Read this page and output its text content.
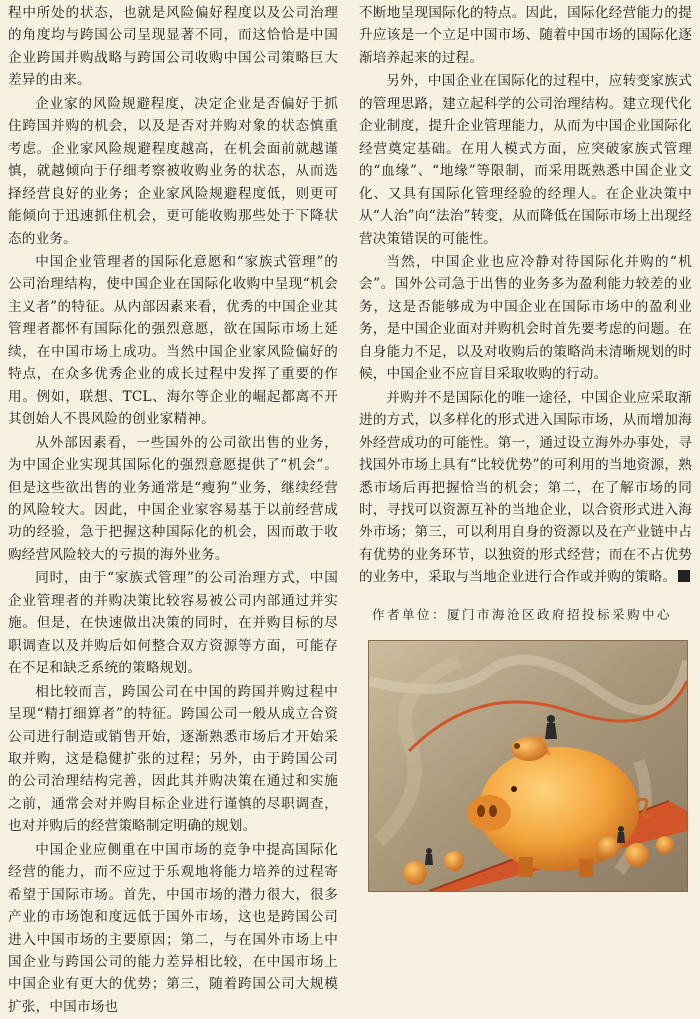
程中所处的状态，也就是风险偏好程度以及公司治理的角度均与跨国公司呈现显著不同，而这恰恰是中国企业跨国并购战略与跨国公司收购中国公司策略巨大差异的由来。

企业家的风险规避程度，决定企业是否偏好于抓住跨国并购的机会，以及是否对并购对象的状态慎重考虑。企业家风险规避程度越高，在机会面前就越谨慎，就越倾向于仔细考察被收购业务的状态，从而选择经营良好的业务；企业家风险规避程度低，则更可能倾向于迅速抓住机会，更可能收购那些处于下降状态的业务。

中国企业管理者的国际化意愿和“家族式管理”的公司治理结构，使中国企业在国际化收购中呈现“机会主义者”的特征。从内部因素来看，优秀的中国企业其管理者都怀有国际化的强烈意愿，欲在国际市场上延续，在中国市场上成功。当然中国企业家风险偏好的特点，在众多优秀企业的成长过程中发挥了重要的作用。例如，联想、TCL、海尔等企业的崛起都离不开其创始人不畏风险的创业家精神。

从外部因素看，一些国外的公司欲出售的业务，为中国企业实现其国际化的强烈意愿提供了“机会”。但是这些欲出售的业务通常是“瘦狗”业务，继续经营的风险较大。因此，中国企业家容易基于以前经营成功的经验，急于把握这种国际化的机会，因而敢于收购经营风险较大的亏损的海外业务。

同时，由于“家族式管理”的公司治理方式，中国企业管理者的并购决策比较容易被公司内部通过并实施。但是，在快速做出决策的同时，在并购目标的尽职调查以及并购后如何整合双方资源等方面，可能存在不足和缺乏系统的策略规划。

相比较而言，跨国公司在中国的跨国并购过程中呈现“精打细算者”的特征。跨国公司一般从成立合资公司进行制造或销售开始，逐渐熟悉市场后才开始采取并购，这是稳健扩张的过程；另外，由于跨国公司的公司治理结构完善，因此其并购决策在通过和实施之前，通常会对并购目标企业进行谨慎的尽职调查，也对并购后的经营策略制定明确的规划。

中国企业应侧重在中国市场的竞争中提高国际化经营的能力，而不应过于乐观地将能力培养的过程寄希望于国际市场。首先，中国市场的潜力很大，很多产业的市场饱和度远低于国外市场，这也是跨国公司进入中国市场的主要原因；第二，与在国外市场上中国企业与跨国公司的能力差异相比较，在中国市场上中国企业有更大的优势；第三，随着跨国公司大规模扩张，中国市场也

不断地呈现国际化的特点。因此，国际化经营能力的提升应该是一个立足中国市场、随着中国市场的国际化逐渐培养起来的过程。

另外，中国企业在国际化的过程中，应转变家族式的管理思路，建立起科学的公司治理结构。建立现代化企业制度，提升企业管理能力，从而为中国企业国际化经营奠定基础。在用人模式方面，应突破家族式管理的“血缘”、“地缘”等限制，而采用既熟悉中国企业文化、又具有国际化管理经验的经理人。在企业决策中从“人治”向“法治”转变，从而降低在国际市场上出现经营决策错误的可能性。

当然，中国企业也应冷静对待国际化并购的“机会”。国外公司急于出售的业务多为盈利能力较差的业务，这是否能够成为中国企业在国际市场中的盈利业务，是中国企业面对并购机会时首先要考虑的问题。在自身能力不足，以及对收购后的策略尚未清晰规划的时候，中国企业不应盲目采取收购的行动。

并购并不是国际化的唯一途径，中国企业应采取渐进的方式，以多样化的形式进入国际市场，从而增加海外经营成功的可能性。第一，通过设立海外办事处，寻找国外市场上具有“比较优势”的可利用的当地资源，熟悉市场后再把握恰当的机会；第二，在了解市场的同时，寻找可以资源互补的当地企业，以合资形式进入海外市场；第三，可以利用自身的资源以及在产业链中占有优势的业务环节，以独资的形式经营；而在不占优势的业务中，采取与当地企业进行合作或并购的策略。

作者单位：厦门市海沧区政府招投标采购中心
